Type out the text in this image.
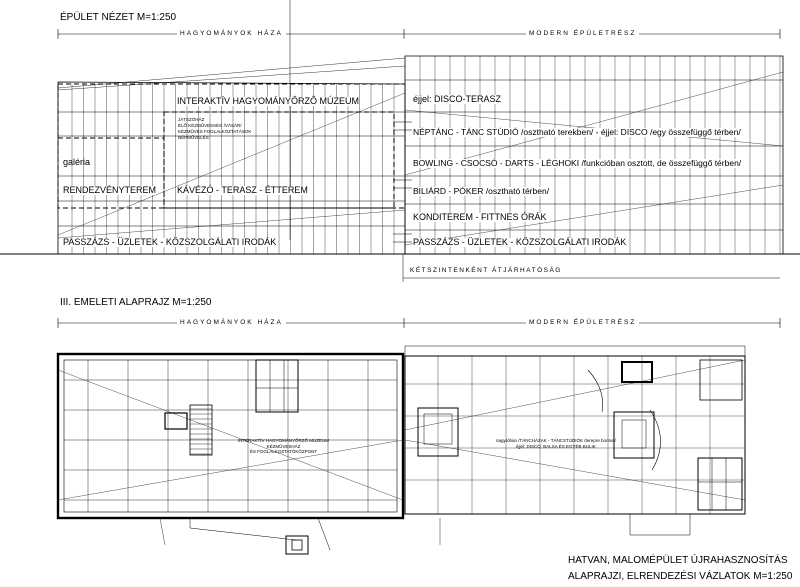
ÉPÜLET NÉZET M=1:250
HAGYOMÁNYOK HÁZA	MODERN ÉPÜLETRÉSZ
INTERAKTÍV HAGYOMÁNYŐRZŐ MÚZEUM
JÁTSZÓHÁZ
ÉLŐ KÉZMŰVESSÉG /VÁSÁR/
KÉZMŰVES FOGLALKOZTATÁSOK
NÉPMŰVELÉS
galéria
RENDEZVÉNYTEREM KÁVÉZÓ - TERASZ - ÉTTEREM
PASSZÁZS - ÜZLETEK - KÖZSZOLGÁLATI IRODÁK
éjjel: DISCO-TERASZ
NÉPTÁNC - TÁNC STÚDIÓ /osztható terekben/ - éjjel: DISCO /egy összefüggő térben/
BOWLING - CSOCSÓ - DARTS - LÉGHOKI /funkcióban osztott, de összefüggő térben/
BILIÁRD - PÓKER /osztható térben/
KONDITEREM - FITTNES ÓRÁK
PASSZÁZS - ÜZLETEK - KÖZSZOLGÁLATI IRODÁK
KÉTSZINTENKÉNT ÁTJÁRHATÓSÁG
III. EMELETI ALAPRAJZ M=1:250
HAGYOMÁNYOK HÁZA	MODERN ÉPÜLETRÉSZ
INTERAKTÍV HAGYOMÁNYŐRZŐ MÚZEUM
KÉZMŰVESHÁZ
ÉS FOGLALKOZTATÓKÖZPONT
nagytóban /TÁNCHÁZAK - TÁNCSTÚDIÓK /terepre bontva/
éjjel: DISCO, BALSA ÉS EGYÉB BULIK
HATVAN, MALOMÉPÜLET ÚJRAHASZNOSÍTÁS
ALAPRAJZI, ELRENDEZÉSI VÁZLATOK M=1:250
